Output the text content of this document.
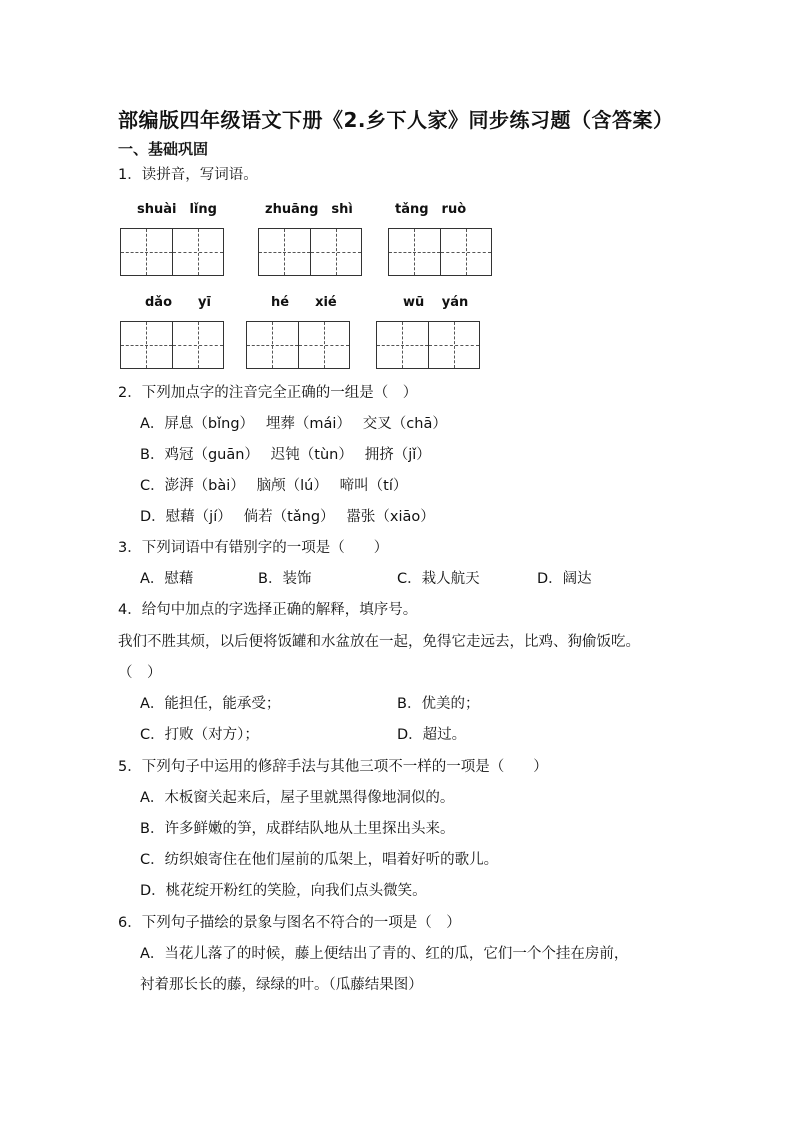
部编版四年级语文下册《2.乡下人家》同步练习题（含答案）
一、基础巩固
1．读拼音，写词语。
shuài　lǐng	zhuāng　shì	tǎng　ruò
dǎo　　yī	hé　　xié	wū　 yán
2．下列加点字的注音完全正确的一组是（　）
A．屏息（bǐng）　 埋葬（mái）　 交叉（chā）
B．鸡冠（guān）　 迟钝（tùn）　 拥挤（jǐ）
C．澎湃（bài）　 脑颅（lú）　 啼叫（tí）
D．慰藉（jí）　 倘若（tǎng）　 嚣张（xiāo）
3．下列词语中有错别字的一项是（　　）
A．慰藉	B．装饰	C．栽人航天	D．阔达
4．给句中加点的字选择正确的解释，填序号。
我们不胜其烦，以后便将饭罐和水盆放在一起，免得它走远去，比鸡、狗偷饭吃。
（　）
A．能担任，能承受；	B．优美的；
C．打败（对方）；	D．超过。
5．下列句子中运用的修辞手法与其他三项不一样的一项是（　　）
A．木板窗关起来后，屋子里就黑得像地洞似的。
B．许多鲜嫩的笋，成群结队地从土里探出头来。
C．纺织娘寄住在他们屋前的瓜架上，唱着好听的歌儿。
D．桃花绽开粉红的笑脸，向我们点头微笑。
6．下列句子描绘的景象与图名不符合的一项是（　）
A．当花儿落了的时候，藤上便结出了青的、红的瓜，它们一个个挂在房前，
衬着那长长的藤，绿绿的叶。（瓜藤结果图）
